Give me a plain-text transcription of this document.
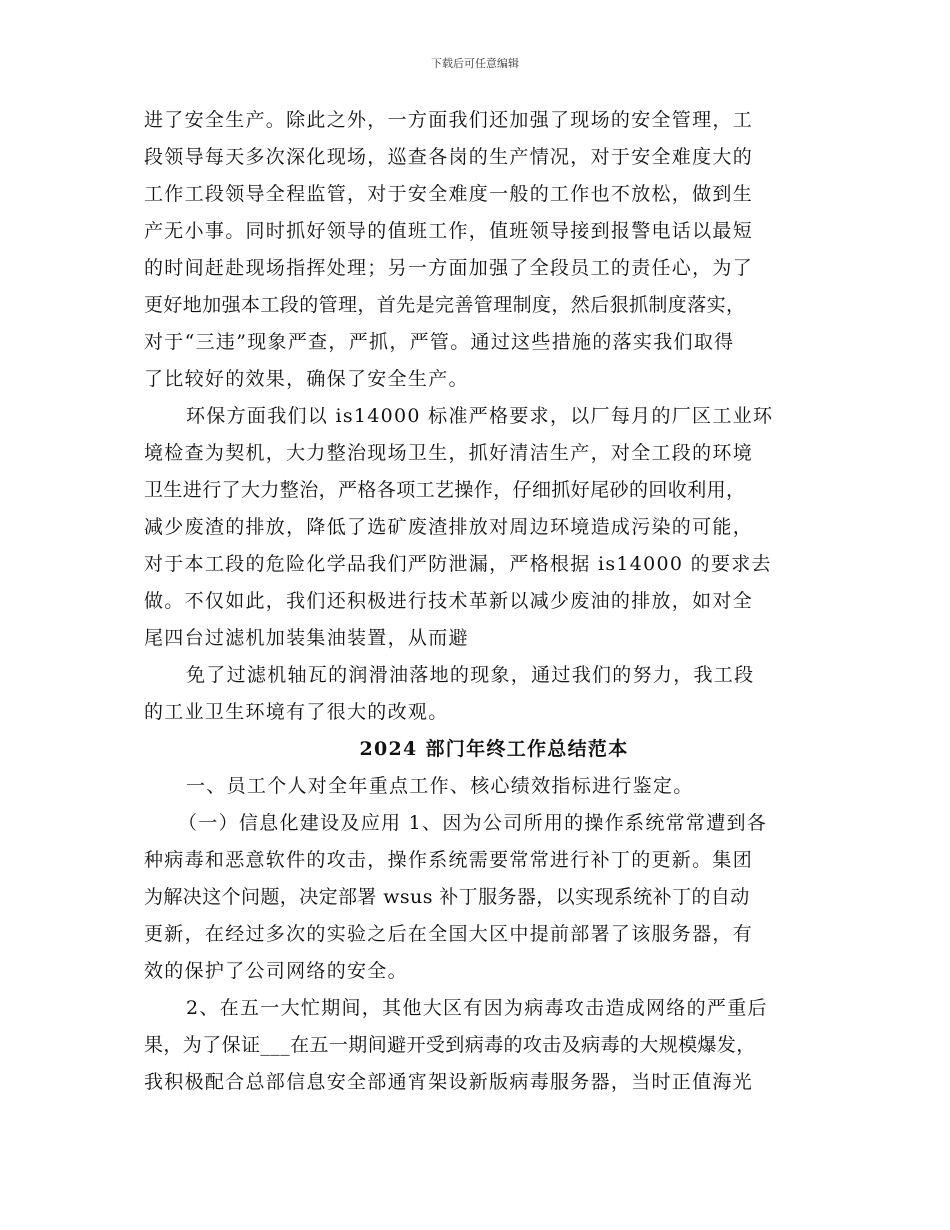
下载后可任意编辑
进了安全生产。除此之外，一方面我们还加强了现场的安全管理，工
段领导每天多次深化现场，巡查各岗的生产情况，对于安全难度大的
工作工段领导全程监管，对于安全难度一般的工作也不放松，做到生
产无小事。同时抓好领导的值班工作，值班领导接到报警电话以最短
的时间赶赴现场指挥处理；另一方面加强了全段员工的责任心，为了
更好地加强本工段的管理，首先是完善管理制度，然后狠抓制度落实，
对于“三违”现象严查，严抓，严管。通过这些措施的落实我们取得
了比较好的效果，确保了安全生产。
环保方面我们以 is14000 标准严格要求，以厂每月的厂区工业环
境检查为契机，大力整治现场卫生，抓好清洁生产，对全工段的环境
卫生进行了大力整治，严格各项工艺操作，仔细抓好尾砂的回收利用，
减少废渣的排放，降低了选矿废渣排放对周边环境造成污染的可能，
对于本工段的危险化学品我们严防泄漏，严格根据 is14000 的要求去
做。不仅如此，我们还积极进行技术革新以减少废油的排放，如对全
尾四台过滤机加装集油装置，从而避
免了过滤机轴瓦的润滑油落地的现象，通过我们的努力，我工段
的工业卫生环境有了很大的改观。
2024 部门年终工作总结范本
一、员工个人对全年重点工作、核心绩效指标进行鉴定。
（一）信息化建设及应用 1、因为公司所用的操作系统常常遭到各
种病毒和恶意软件的攻击，操作系统需要常常进行补丁的更新。集团
为解决这个问题，决定部署 wsus 补丁服务器，以实现系统补丁的自动
更新，在经过多次的实验之后在全国大区中提前部署了该服务器，有
效的保护了公司网络的安全。
2、在五一大忙期间，其他大区有因为病毒攻击造成网络的严重后
果，为了保证___在五一期间避开受到病毒的攻击及病毒的大规模爆发，
我积极配合总部信息安全部通宵架设新版病毒服务器，当时正值海光
